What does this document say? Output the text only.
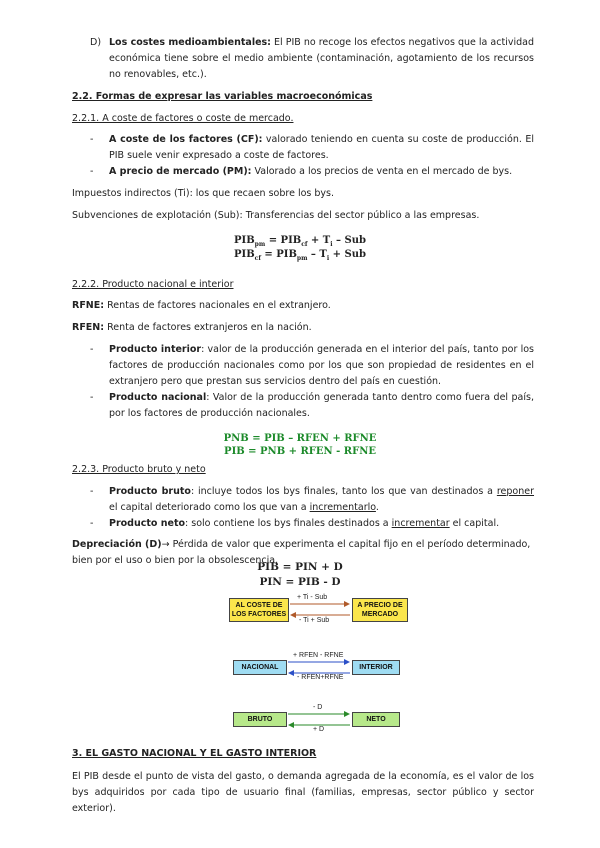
D) Los costes medioambientales: El PIB no recoge los efectos negativos que la actividad económica tiene sobre el medio ambiente (contaminación, agotamiento de los recursos no renovables, etc.).
2.2. Formas de expresar las variables macroeconómicas
2.2.1. A coste de factores o coste de mercado.
- A coste de los factores (CF): valorado teniendo en cuenta su coste de producción. El PIB suele venir expresado a coste de factores.
- A precio de mercado (PM): Valorado a los precios de venta en el mercado de bys.
Impuestos indirectos (Ti): los que recaen sobre los bys.
Subvenciones de explotación (Sub): Transferencias del sector público a las empresas.
$PIB_{pm} = PIB_{cf} + T_i$ – Sub
$PIB_{cf} = PIB_{pm} - T_i$ + Sub
2.2.2. Producto nacional e interior
RFNE: Rentas de factores nacionales en el extranjero.
RFEN: Renta de factores extranjeros en la nación.
- Producto interior: valor de la producción generada en el interior del país, tanto por los factores de producción nacionales como por los que son propiedad de residentes en el extranjero pero que prestan sus servicios dentro del país en cuestión.
- Producto nacional: Valor de la producción generada tanto dentro como fuera del país, por los factores de producción nacionales.
PNB = PIB – RFEN + RFNE
PIB = PNB + RFEN - RFNE
2.2.3. Producto bruto y neto
- Producto bruto: incluye todos los bys finales, tanto los que van destinados a reponer el capital deteriorado como los que van a incrementarlo.
- Producto neto: solo contiene los bys finales destinados a incrementar el capital.
Depreciación (D)→ Pérdida de valor que experimenta el capital fijo en el período determinado, bien por el uso o bien por la obsolescencia.
PIB = PIN + D
PIN = PIB - D
AL COSTE DE LOS FACTORES
A PRECIO DE MERCADO
+ Ti - Sub
- Ti + Sub
NACIONAL	INTERIOR
+ RFEN - RFNE
- RFEN+RFNE
BRUTO	NETO
- D
+ D
3. EL GASTO NACIONAL Y EL GASTO INTERIOR
El PIB desde el punto de vista del gasto, o demanda agregada de la economía, es el valor de los bys adquiridos por cada tipo de usuario final (familias, empresas, sector público y sector exterior).
